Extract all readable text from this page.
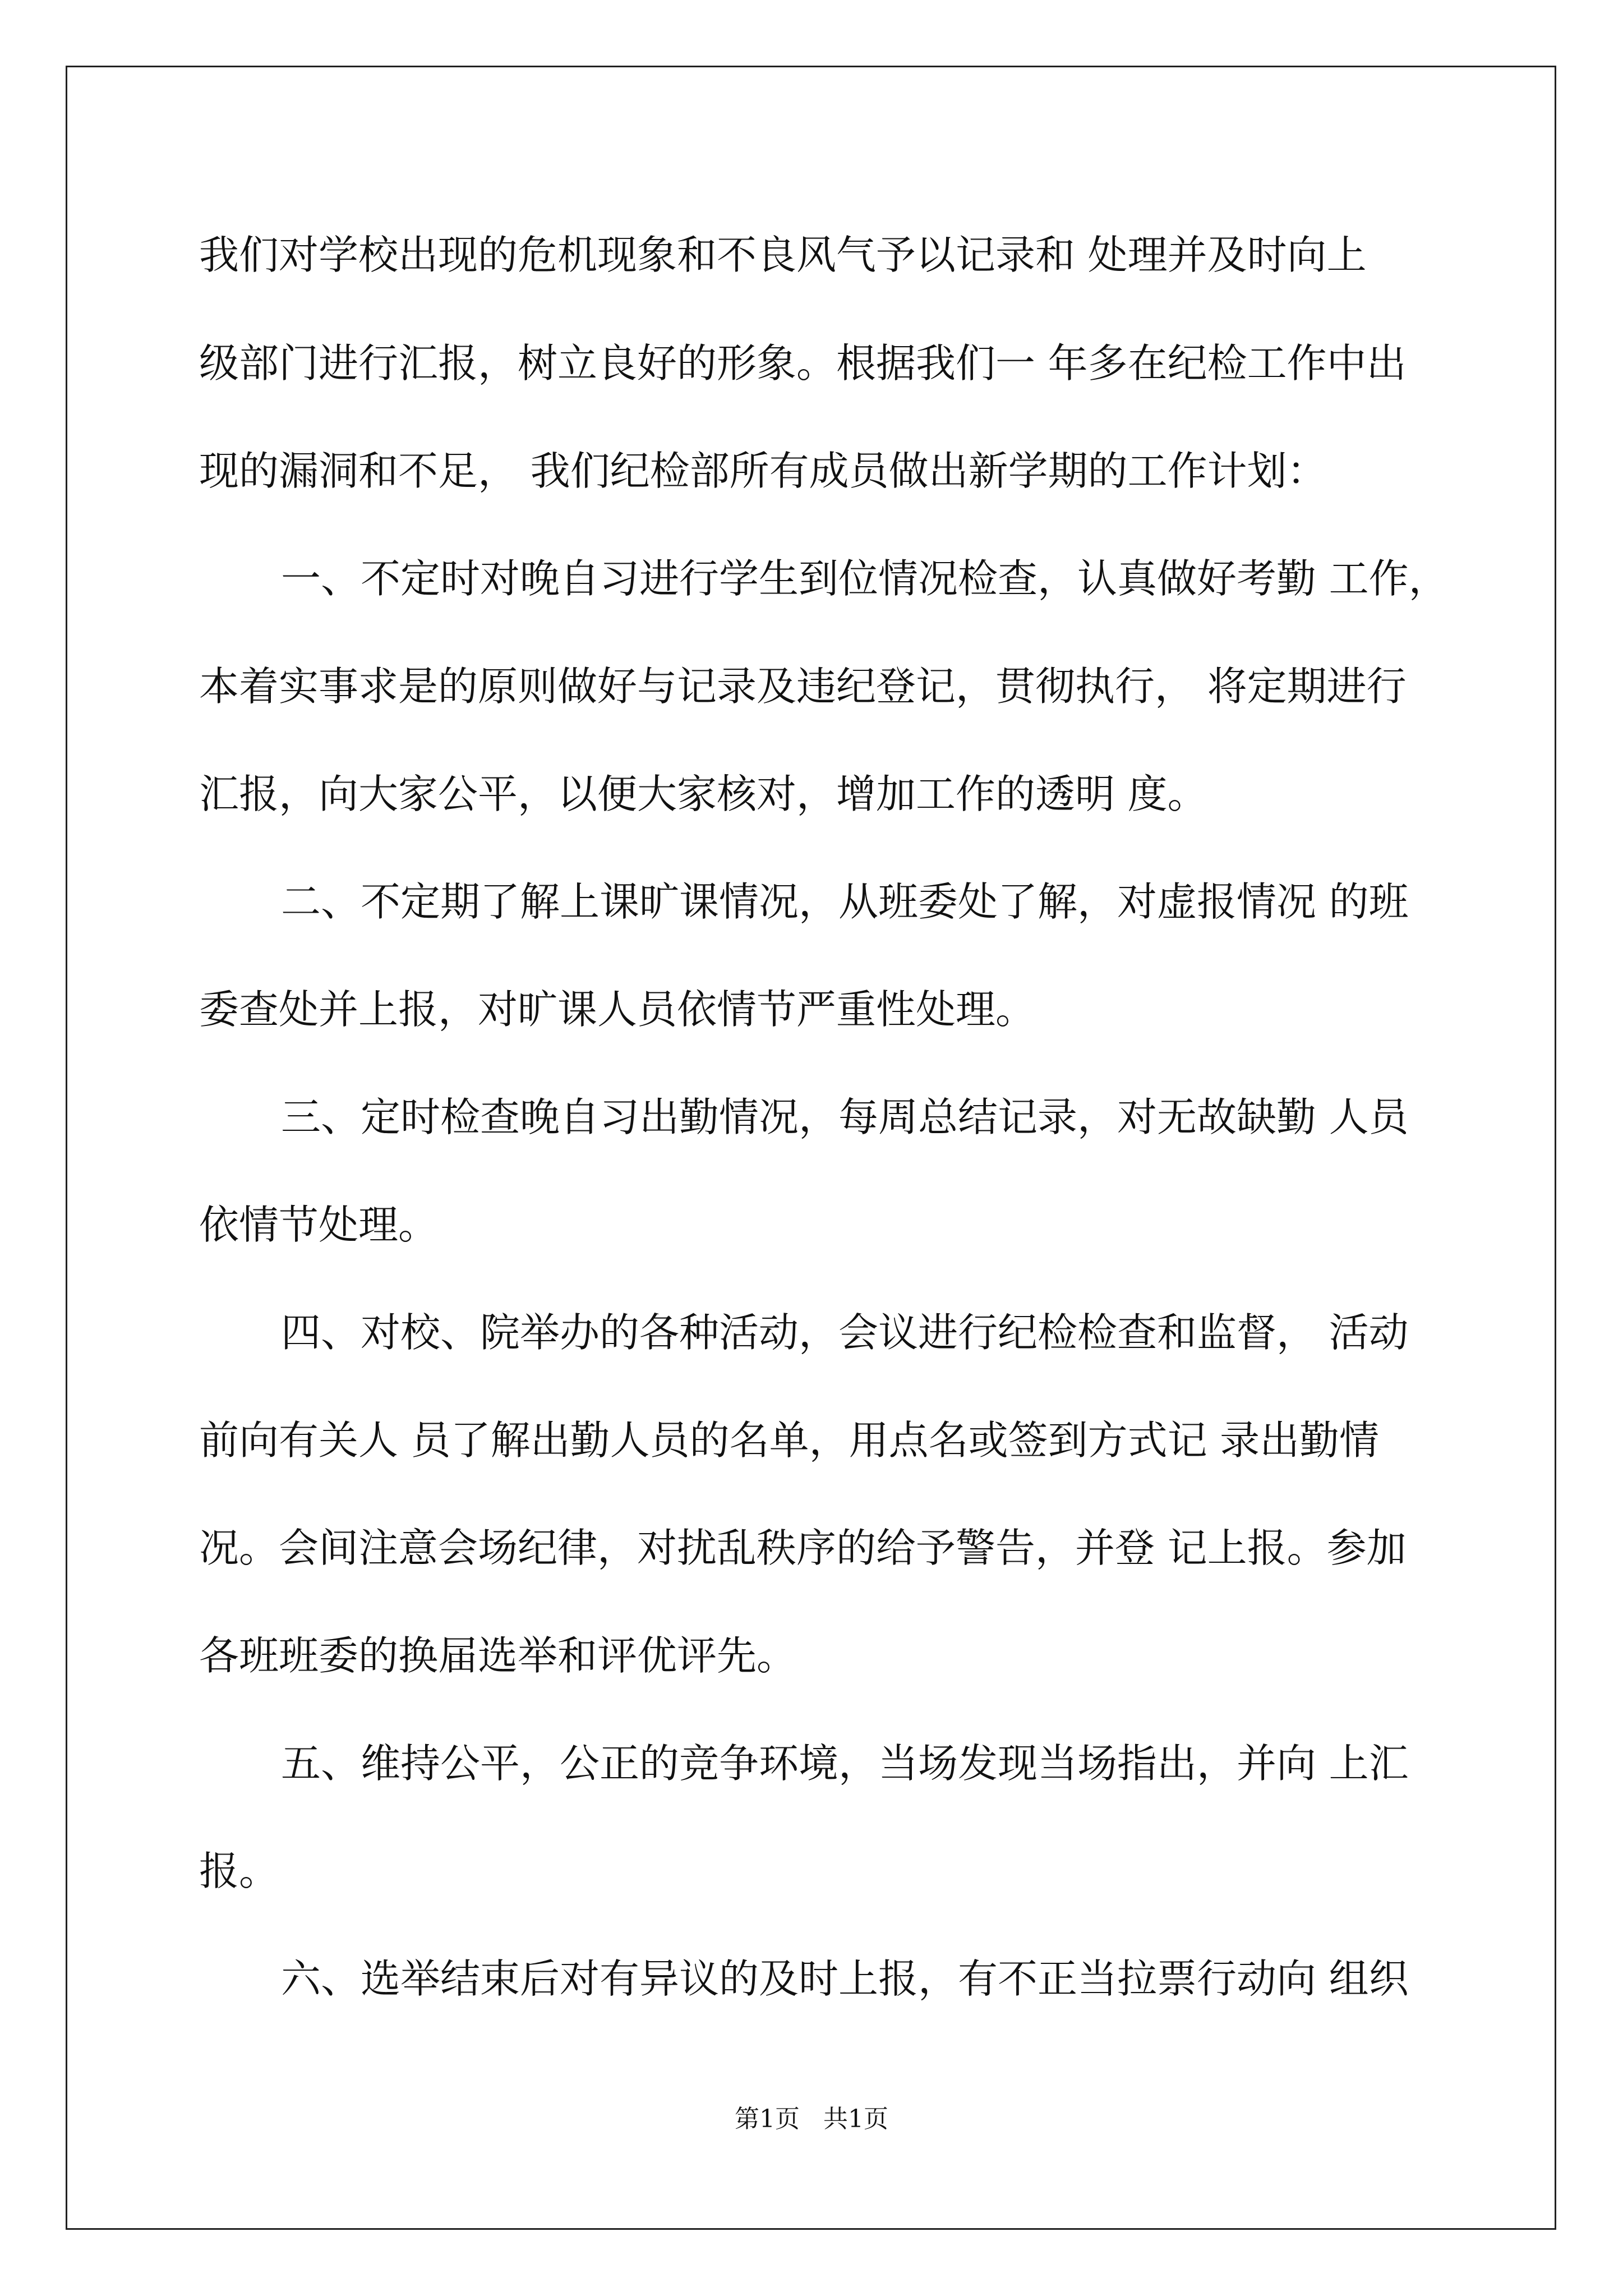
我们对学校出现的危机现象和不良风气予以记录和 处理并及时向上
级部门进行汇报，树立良好的形象。根据我们一 年多在纪检工作中出
现的漏洞和不足， 我们纪检部所有成员做出新学期的工作计划：
一、不定时对晚自习进行学生到位情况检查，认真做好考勤 工作，
本着实事求是的原则做好与记录及违纪登记，贯彻执行， 将定期进行
汇报，向大家公平，以便大家核对，增加工作的透明 度。
二、不定期了解上课旷课情况，从班委处了解，对虚报情况 的班
委查处并上报，对旷课人员依情节严重性处理。
三、定时检查晚自习出勤情况，每周总结记录，对无故缺勤 人员
依情节处理。
四、对校、院举办的各种活动，会议进行纪检检查和监督， 活动
前向有关人 员了解出勤人员的名单，用点名或签到方式记 录出勤情
况。会间注意会场纪律，对扰乱秩序的给予警告，并登 记上报。参加
各班班委的换届选举和评优评先。
五、维持公平，公正的竞争环境，当场发现当场指出，并向 上汇
报。
六、选举结束后对有异议的及时上报，有不正当拉票行动向 组织
第1页 共1页
